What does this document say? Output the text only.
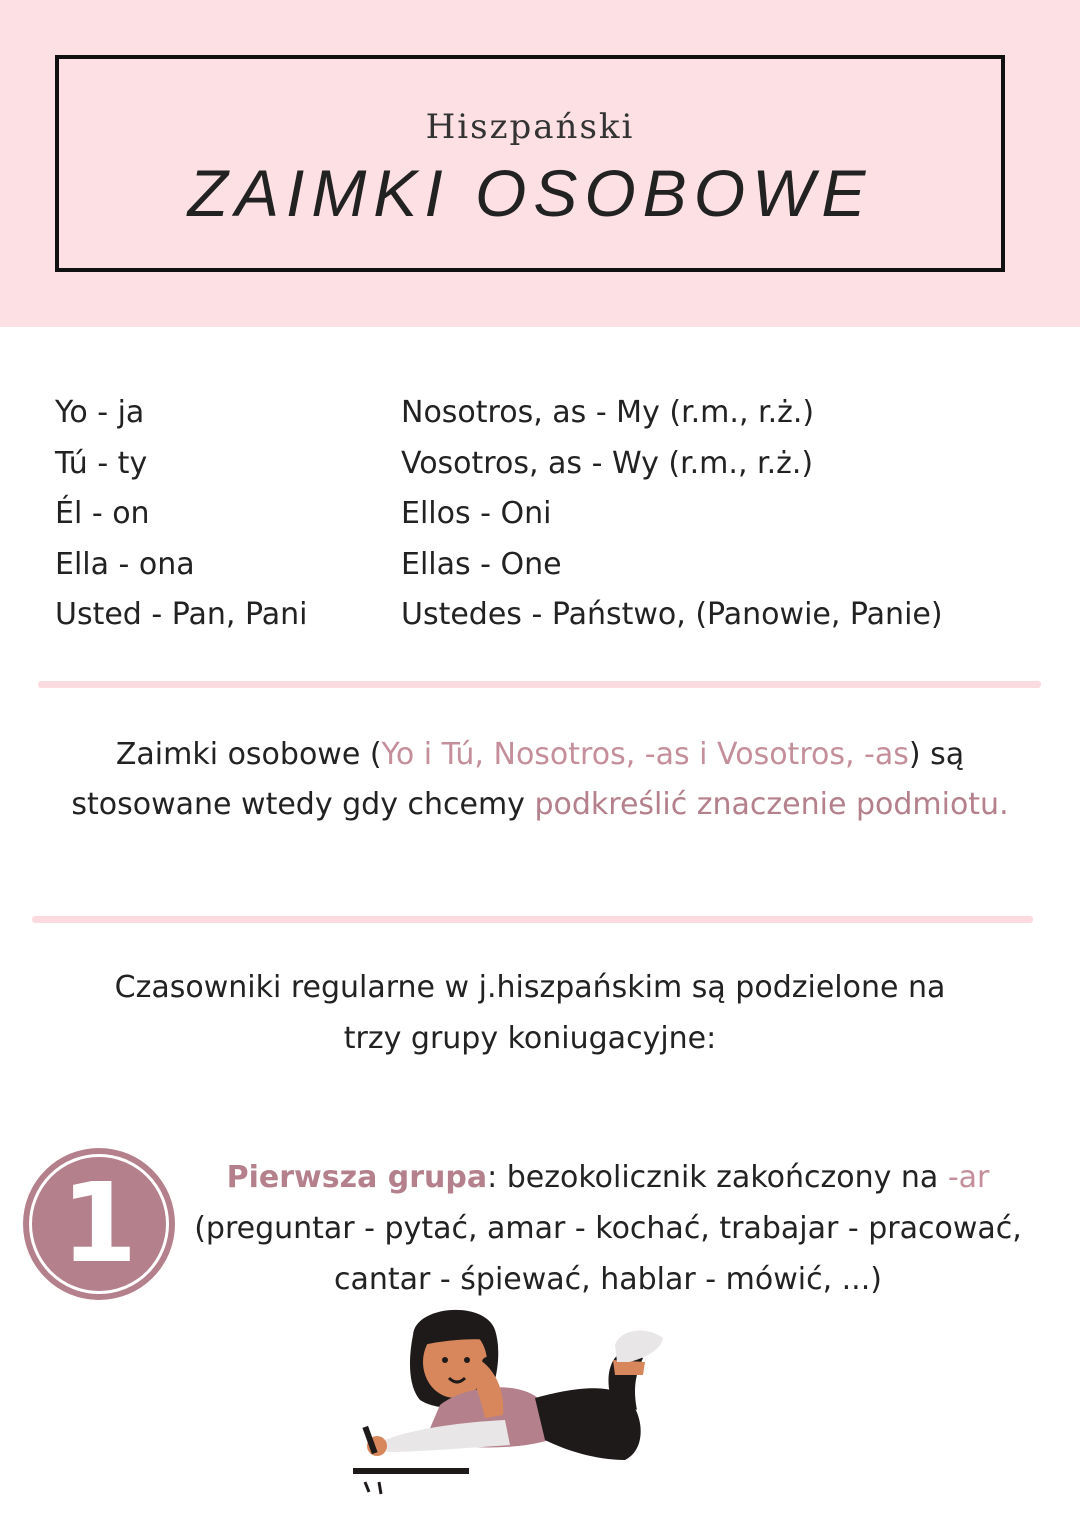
Hiszpański
ZAIMKI OSOBOWE
Yo - ja	Nosotros, as - My (r.m., r.ż.)
Tú - ty	Vosotros, as - Wy (r.m., r.ż.)
Él - on	Ellos - Oni
Ella - ona	Ellas - One
Usted - Pan, Pani	Ustedes - Państwo, (Panowie, Panie)
Zaimki osobowe (Yo i Tú, Nosotros, -as i Vosotros, -as) są stosowane wtedy gdy chcemy podkreślić znaczenie podmiotu.
Czasowniki regularne w j.hiszpańskim są podzielone na trzy grupy koniugacyjne:
1	Pierwsza grupa: bezokolicznik zakończony na -ar (preguntar - pytać, amar - kochać, trabajar - pracować, cantar - śpiewać, hablar - mówić, ...)
